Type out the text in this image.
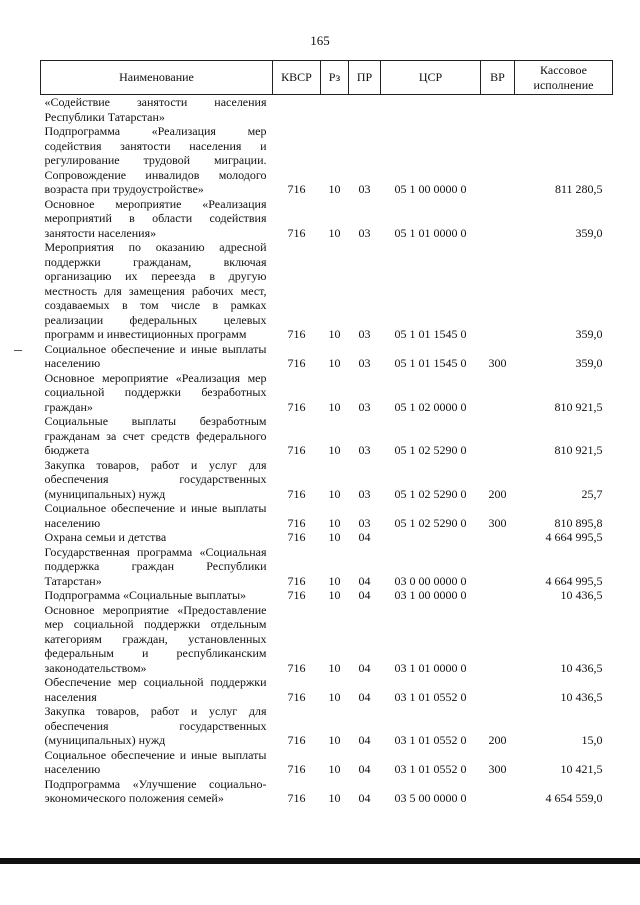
165
Наименование	КВСР	Рз	ПР	ЦСР	ВР	Кассовое исполнение
«Содействие занятости населения Республики Татарстан»						
Подпрограмма «Реализация мер содействия занятости населения и регулирование трудовой миграции. Сопровождение инвалидов молодого возраста при трудоустройстве»	716	10	03	05 1 00 0000 0		811 280,5
Основное мероприятие «Реализация мероприятий в области содействия занятости населения»	716	10	03	05 1 01 0000 0		359,0
Мероприятия по оказанию адресной поддержки гражданам, включая организацию их переезда в другую местность для замещения рабочих мест, создаваемых в том числе в рамках реализации федеральных целевых программ и инвестиционных программ	716	10	03	05 1 01 1545 0		359,0
Социальное обеспечение и иные выплаты населению	716	10	03	05 1 01 1545 0	300	359,0
Основное мероприятие «Реализация мер социальной поддержки безработных граждан»	716	10	03	05 1 02 0000 0		810 921,5
Социальные выплаты безработным гражданам за счет средств федерального бюджета	716	10	03	05 1 02 5290 0		810 921,5
Закупка товаров, работ и услуг для обеспечения государственных (муниципальных) нужд	716	10	03	05 1 02 5290 0	200	25,7
Социальное обеспечение и иные выплаты населению	716	10	03	05 1 02 5290 0	300	810 895,8
Охрана семьи и детства	716	10	04			4 664 995,5
Государственная программа «Социальная поддержка граждан Республики Татарстан»	716	10	04	03 0 00 0000 0		4 664 995,5
Подпрограмма «Социальные выплаты»	716	10	04	03 1 00 0000 0		10 436,5
Основное мероприятие «Предоставление мер социальной поддержки отдельным категориям граждан, установленных федеральным и республиканским законодательством»	716	10	04	03 1 01 0000 0		10 436,5
Обеспечение мер социальной поддержки населения	716	10	04	03 1 01 0552 0		10 436,5
Закупка товаров, работ и услуг для обеспечения государственных (муниципальных) нужд	716	10	04	03 1 01 0552 0	200	15,0
Социальное обеспечение и иные выплаты населению	716	10	04	03 1 01 0552 0	300	10 421,5
Подпрограмма «Улучшение социально-экономического положения семей»	716	10	04	03 5 00 0000 0		4 654 559,0
